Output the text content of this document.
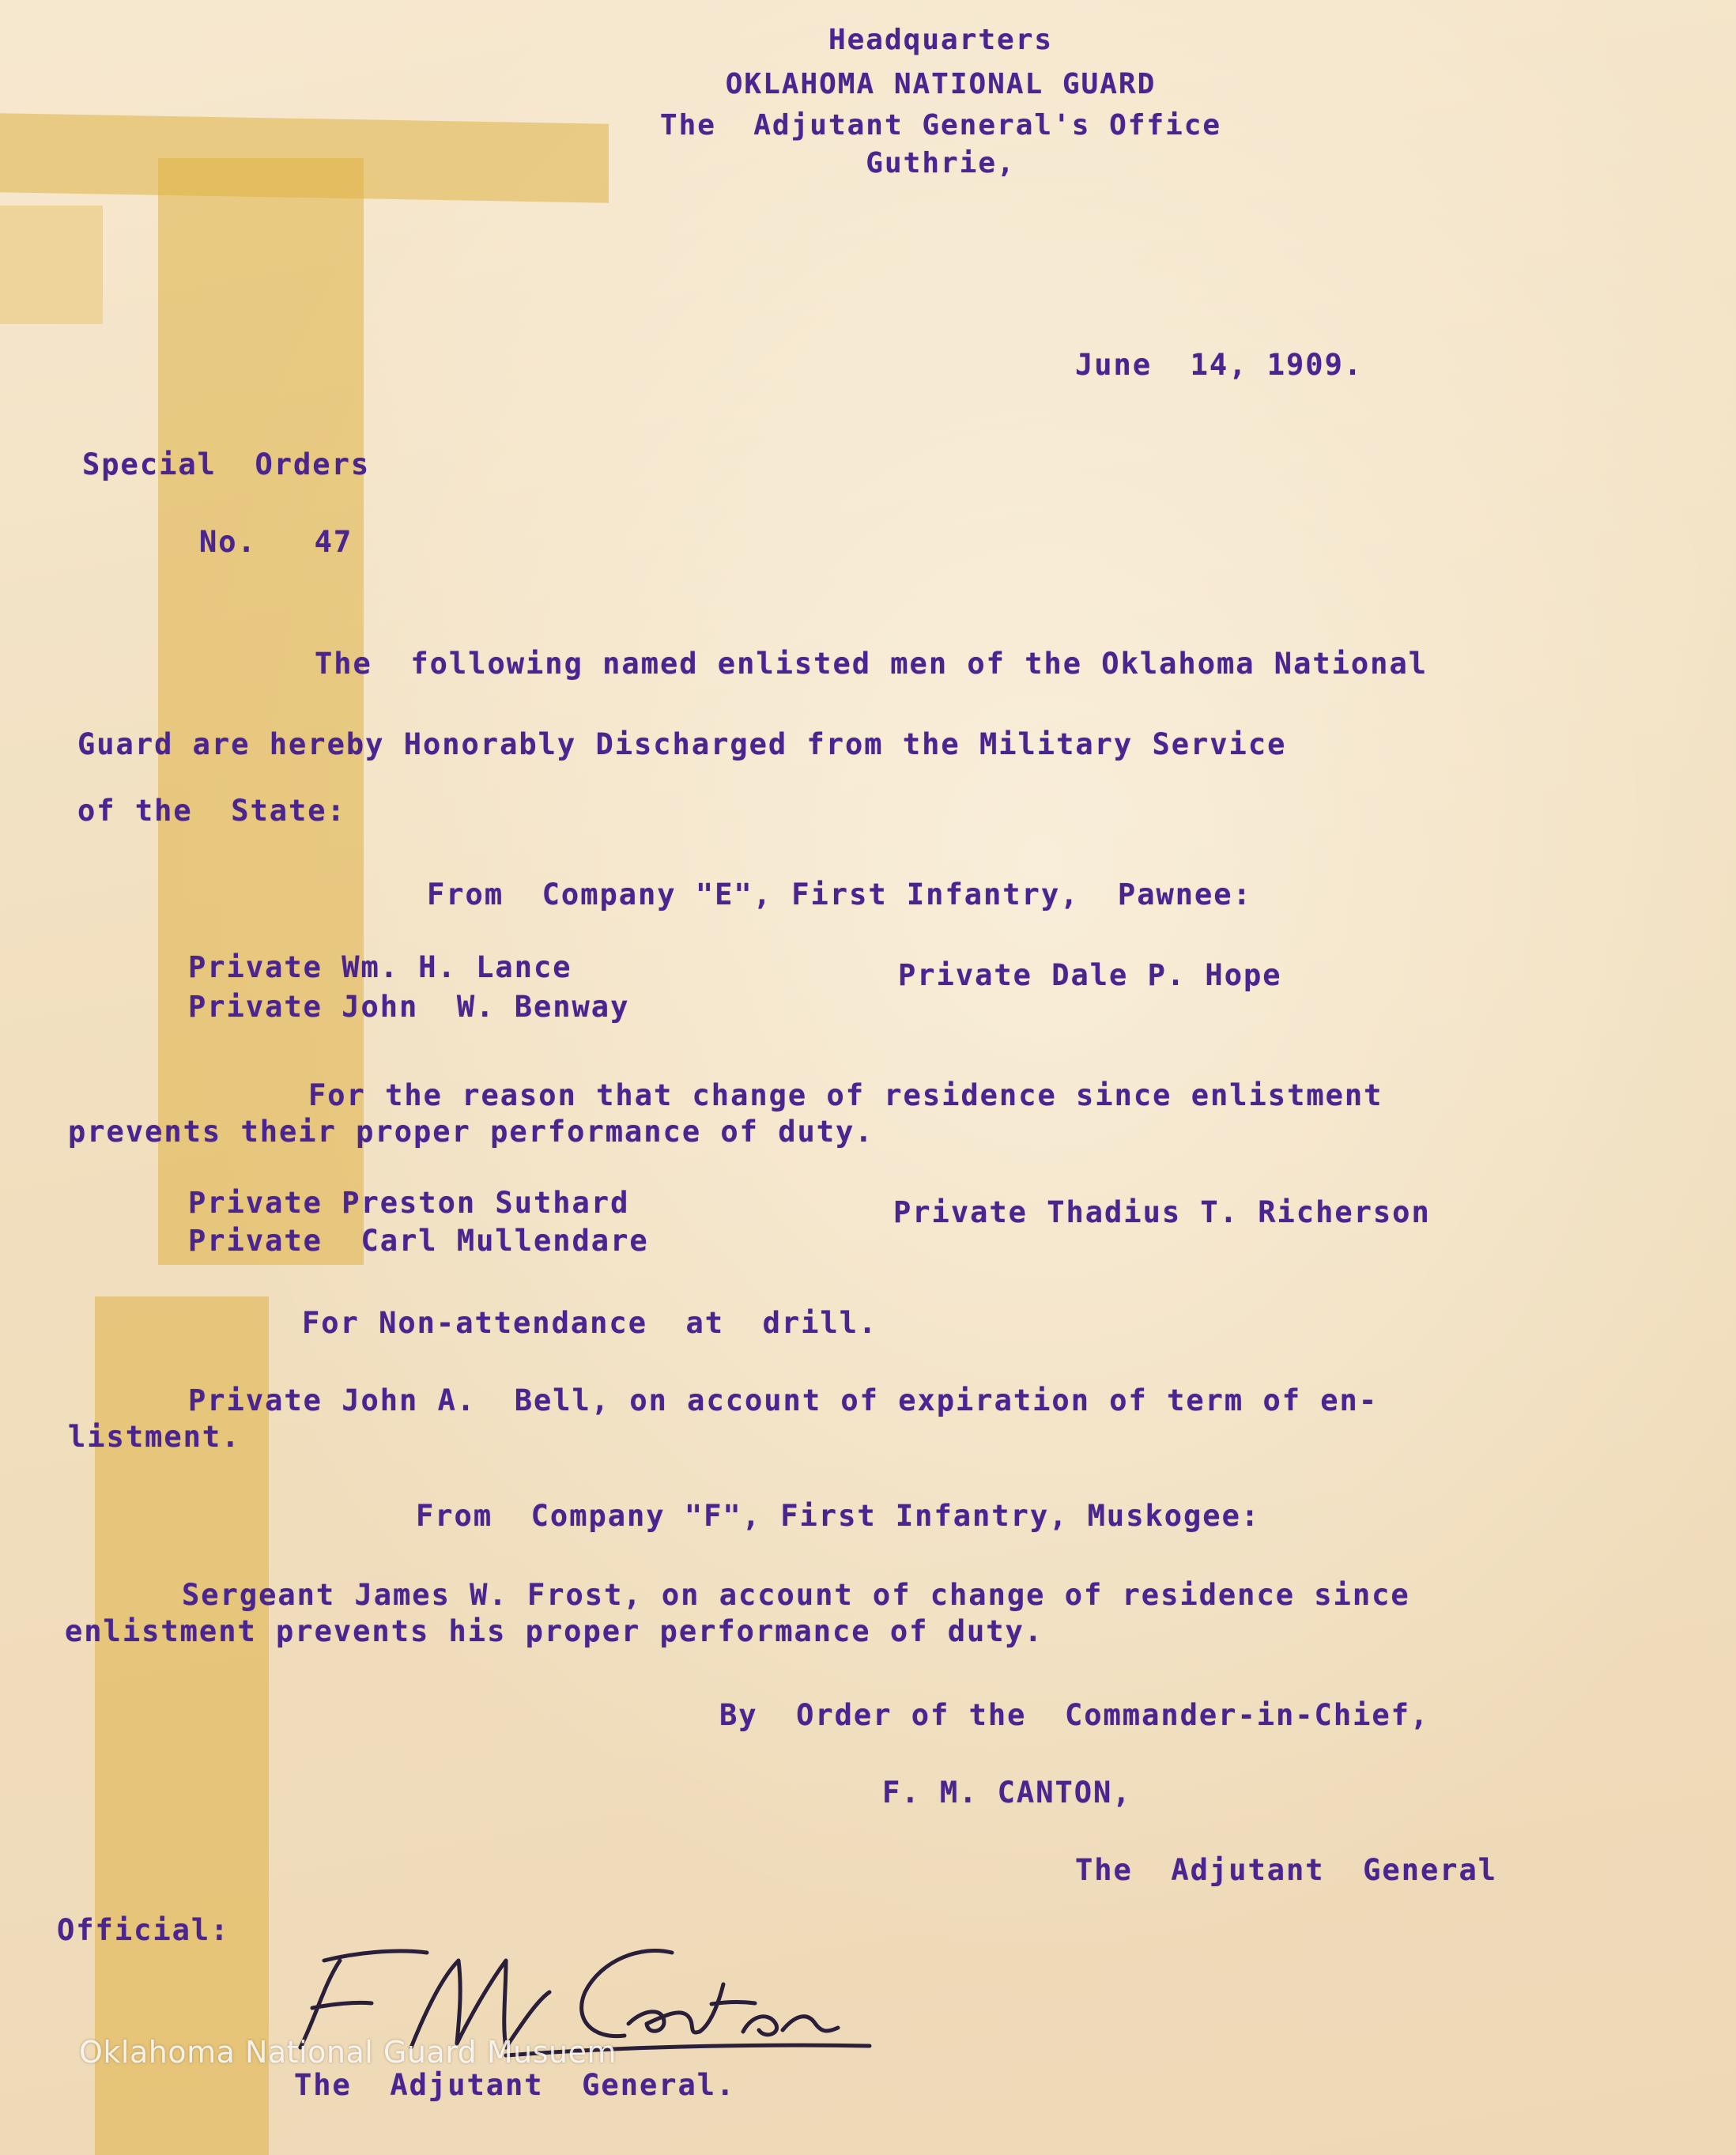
Headquarters

OKLAHOMA NATIONAL GUARD

The  Adjutant General's Office

Guthrie,

June  14, 1909.

Special  Orders

No.   47

The  following named enlisted men of the Oklahoma National

Guard are hereby Honorably Discharged from the Military Service

of the  State:

From  Company "E", First Infantry,  Pawnee:

Private Wm. H. Lance

Private John  W. Benway

Private Dale P. Hope

For the reason that change of residence since enlistment

prevents their proper performance of duty.

Private Preston Suthard

Private  Carl Mullendare

Private Thadius T. Richerson

For Non-attendance  at  drill.

Private John A.  Bell, on account of expiration of term of en-

listment.

From  Company "F", First Infantry, Muskogee:

Sergeant James W. Frost, on account of change of residence since

enlistment prevents his proper performance of duty.

By  Order of the  Commander-in-Chief,

F. M. CANTON,

The  Adjutant  General

Official:

The  Adjutant  General.

Oklahoma National Guard Musuem
